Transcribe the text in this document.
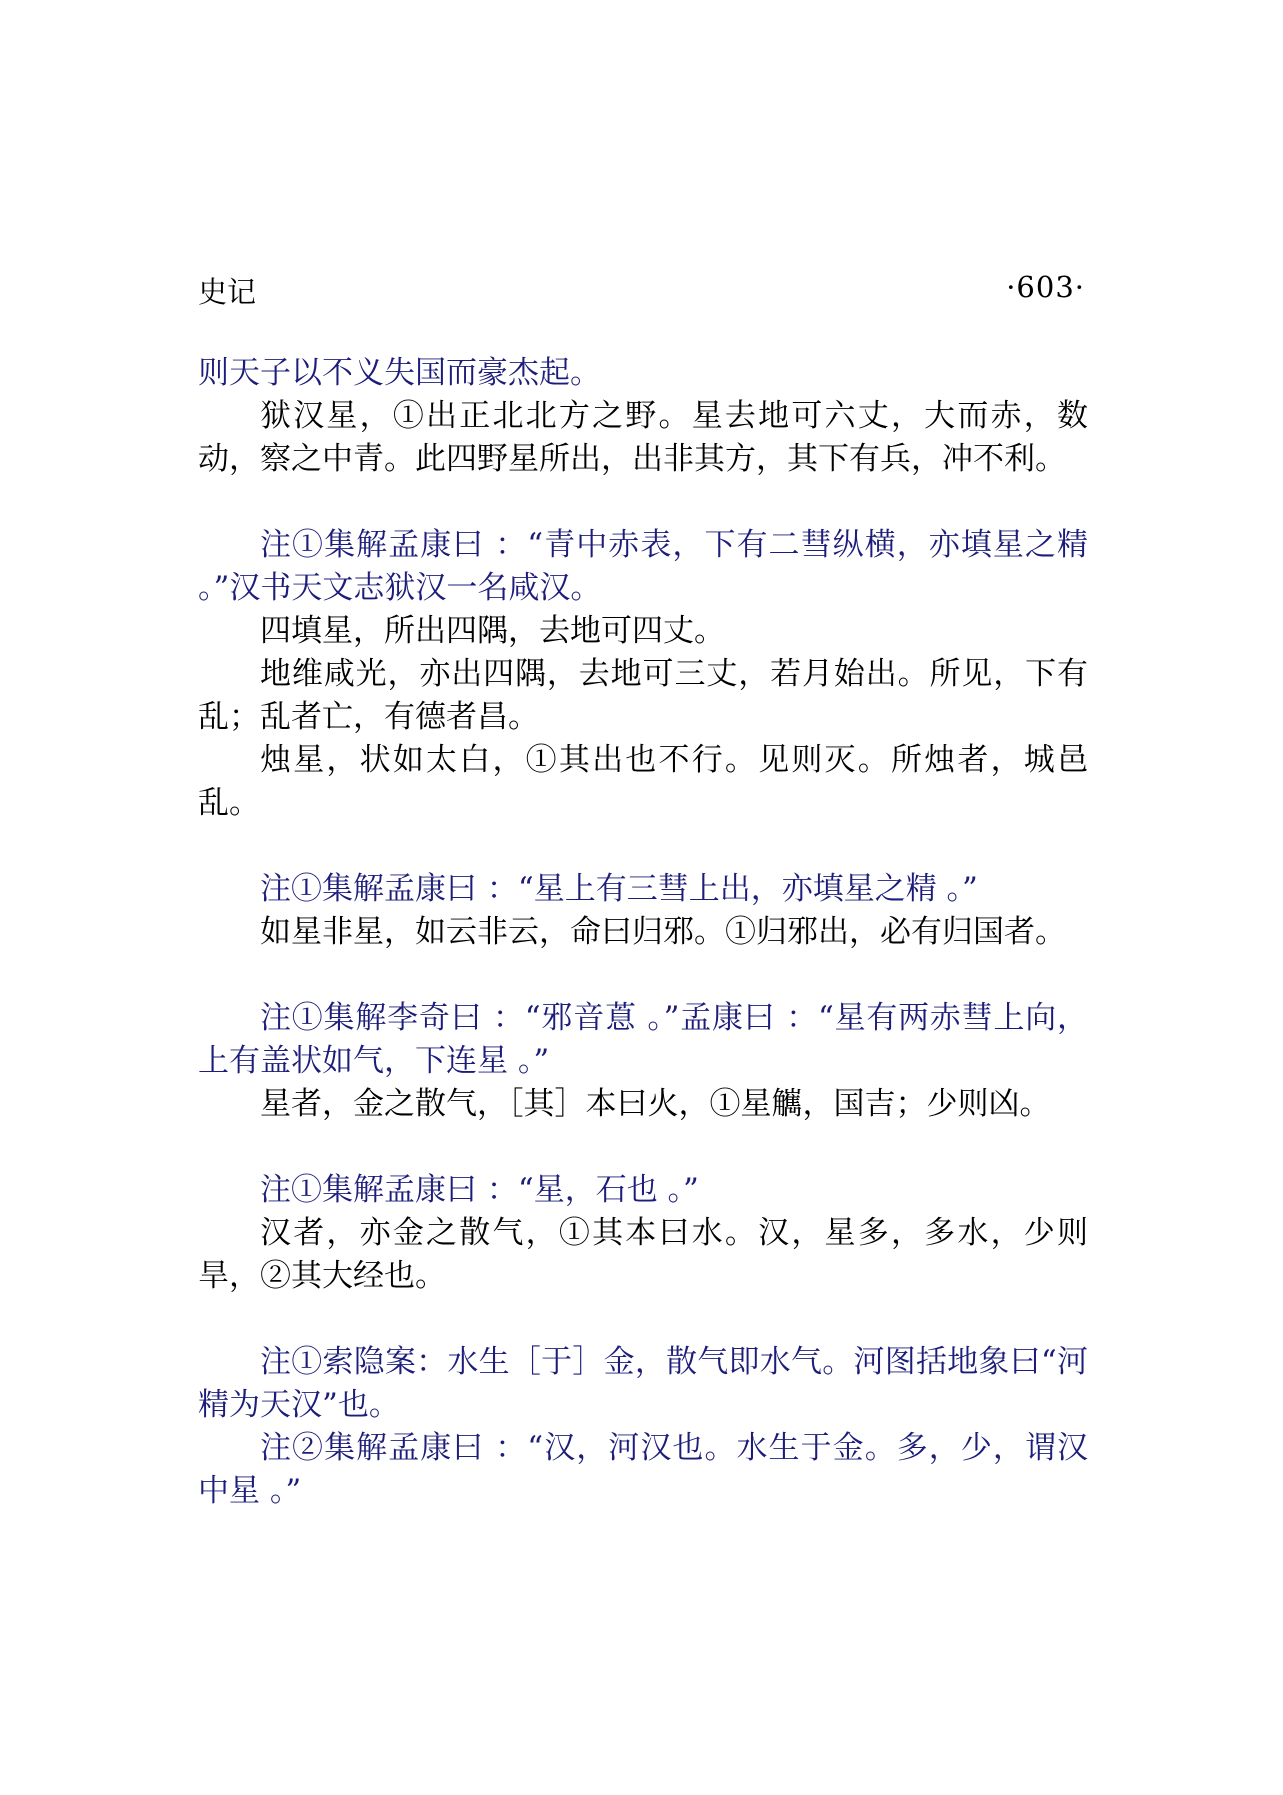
史记	·603·

则天子以不义失国而豪杰起。

狱汉星，①出正北北方之野。星去地可六丈，大而赤，数动，察之中青。此四野星所出，出非其方，其下有兵，冲不利。

注①集解孟康曰 ：“青中赤表，下有二彗纵横，亦填星之精 。”汉书天文志狱汉一名咸汉。

四填星，所出四隅，去地可四丈。

地维咸光，亦出四隅，去地可三丈，若月始出。所见，下有乱；乱者亡，有德者昌。

烛星，状如太白，①其出也不行。见则灭。所烛者，城邑乱。

注①集解孟康曰 ：“星上有三彗上出，亦填星之精 。”

如星非星，如云非云，命曰归邪。①归邪出，必有归国者。

注①集解李奇曰 ：“邪音蒠 。”孟康曰 ：“星有两赤彗上向，上有盖状如气，下连星 。”

星者，金之散气，［其］本曰火，①星觽，国吉；少则凶。

注①集解孟康曰 ：“星，石也 。”

汉者，亦金之散气，①其本曰水。汉，星多，多水，少则旱，②其大经也。

注①索隐案：水生［于］金，散气即水气。河图括地象曰“河精为天汉”也。

注②集解孟康曰 ：“汉，河汉也。水生于金。多，少，谓汉中星 。”
